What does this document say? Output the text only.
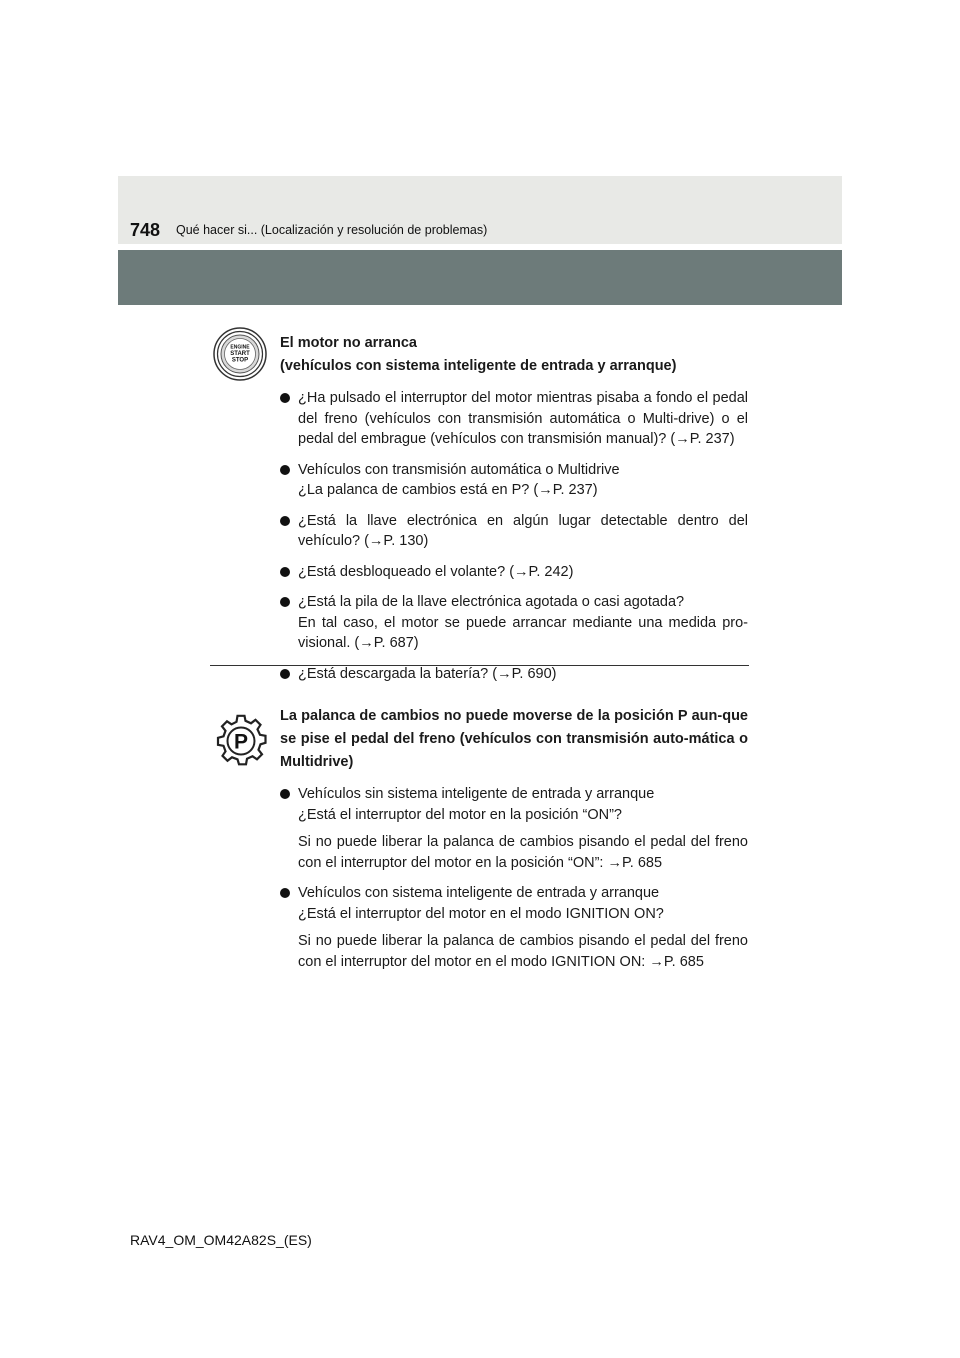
748 Qué hacer si... (Localización y resolución de problemas)
ENGINE
START
STOP
El motor no arranca
(vehículos con sistema inteligente de entrada y arranque)
¿Ha pulsado el interruptor del motor mientras pisaba a fondo el pedal del freno (vehículos con transmisión automática o Multi-drive) o el pedal del embrague (vehículos con transmisión manual)? (→P. 237)
Vehículos con transmisión automática o Multidrive
¿La palanca de cambios está en P? (→P. 237)
¿Está la llave electrónica en algún lugar detectable dentro del vehículo? (→P. 130)
¿Está desbloqueado el volante? (→P. 242)
¿Está la pila de la llave electrónica agotada o casi agotada?
En tal caso, el motor se puede arrancar mediante una medida pro-visional. (→P. 687)
¿Está descargada la batería? (→P. 690)
P
La palanca de cambios no puede moverse de la posición P aun-que se pise el pedal del freno (vehículos con transmisión auto-mática o Multidrive)
Vehículos sin sistema inteligente de entrada y arranque
¿Está el interruptor del motor en la posición “ON”?
Si no puede liberar la palanca de cambios pisando el pedal del freno con el interruptor del motor en la posición “ON”: →P. 685
Vehículos con sistema inteligente de entrada y arranque
¿Está el interruptor del motor en el modo IGNITION ON?
Si no puede liberar la palanca de cambios pisando el pedal del freno con el interruptor del motor en el modo IGNITION ON: →P. 685
RAV4_OM_OM42A82S_(ES)
